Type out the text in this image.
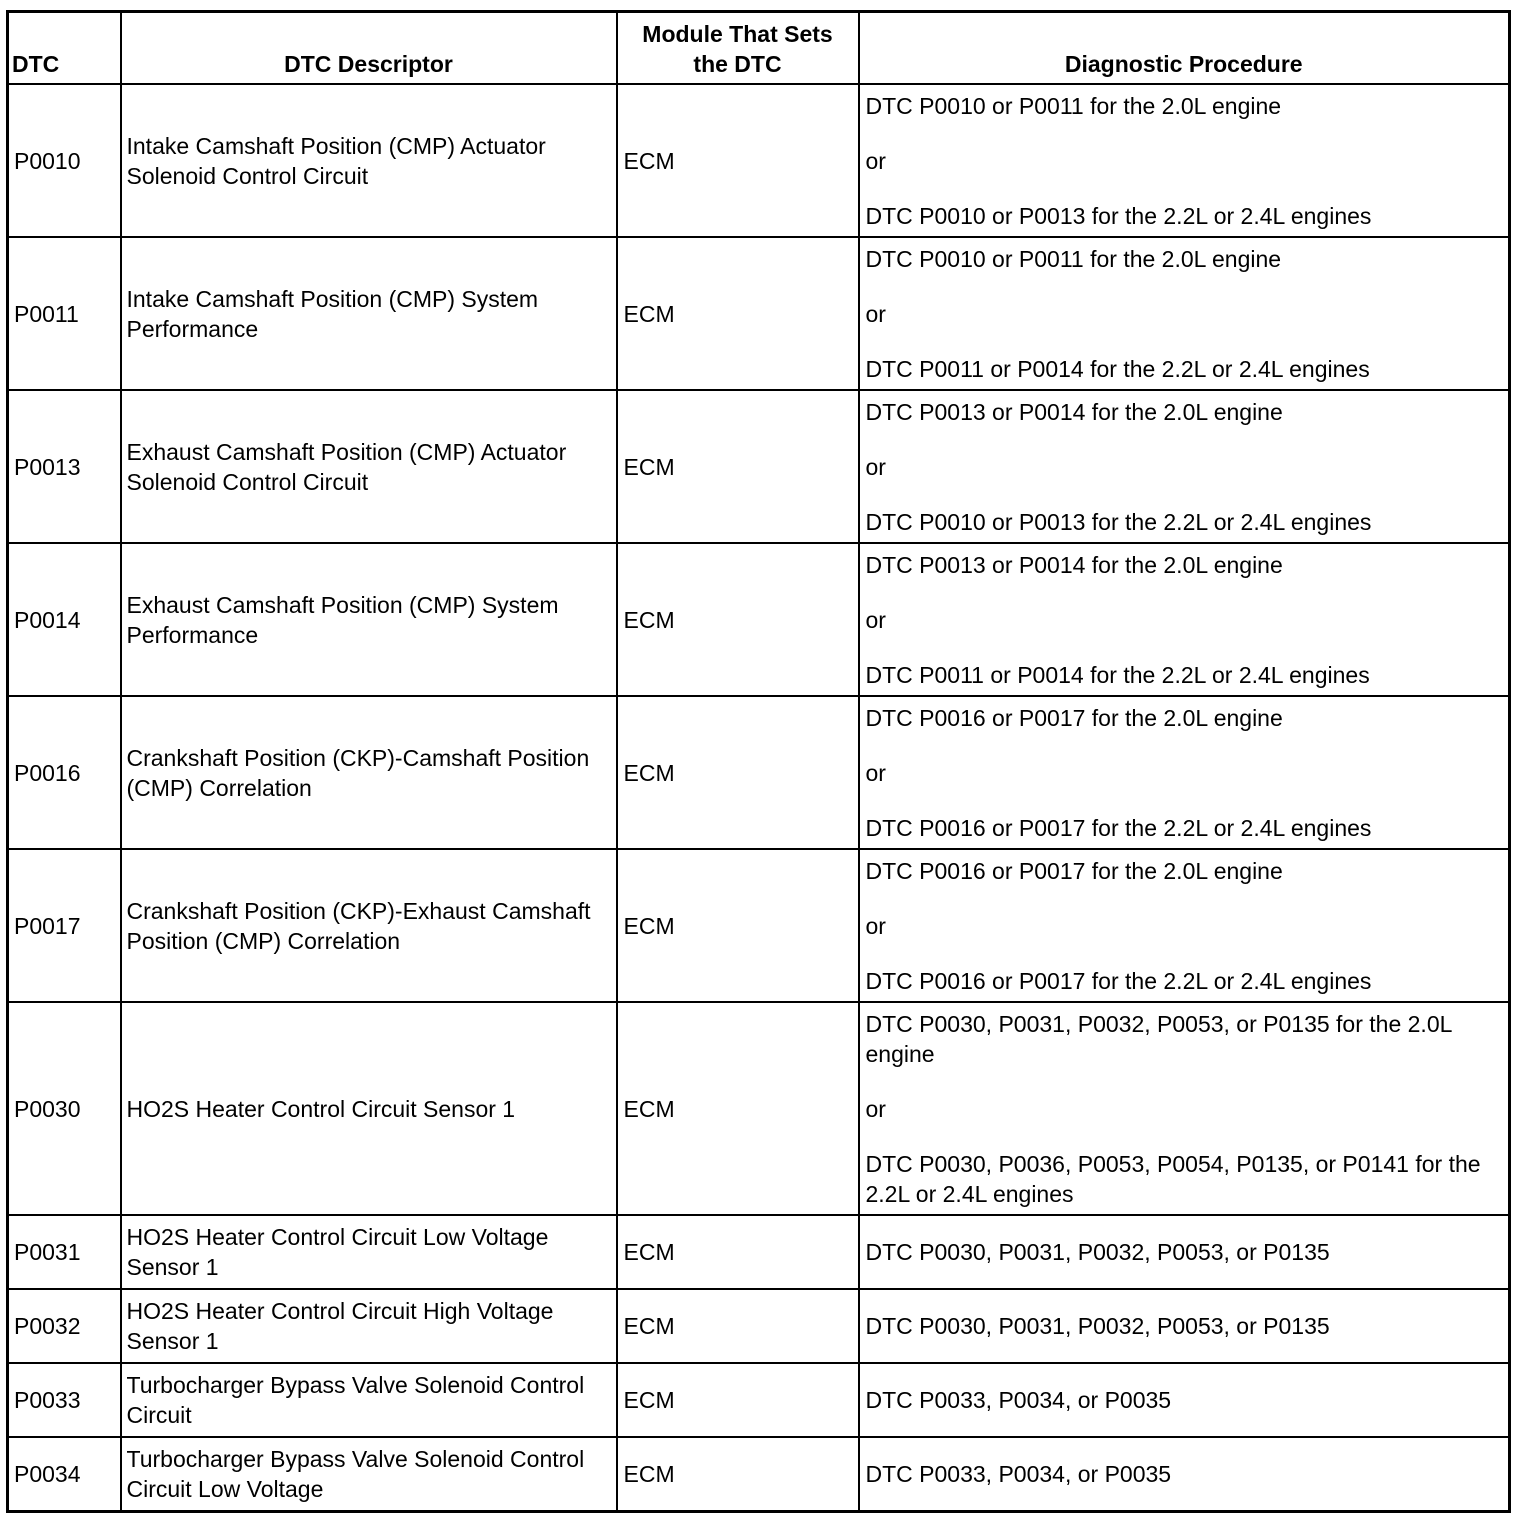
DTC	DTC Descriptor	Module That Sets the DTC	Diagnostic Procedure
P0010	Intake Camshaft Position (CMP) Actuator Solenoid Control Circuit	ECM	DTC P0010 or P0011 for the 2.0L engine
or
DTC P0010 or P0013 for the 2.2L or 2.4L engines

P0011	Intake Camshaft Position (CMP) System Performance	ECM	DTC P0010 or P0011 for the 2.0L engine
or
DTC P0011 or P0014 for the 2.2L or 2.4L engines

P0013	Exhaust Camshaft Position (CMP) Actuator Solenoid Control Circuit	ECM	DTC P0013 or P0014 for the 2.0L engine
or
DTC P0010 or P0013 for the 2.2L or 2.4L engines

P0014	Exhaust Camshaft Position (CMP) System Performance	ECM	DTC P0013 or P0014 for the 2.0L engine
or
DTC P0011 or P0014 for the 2.2L or 2.4L engines

P0016	Crankshaft Position (CKP)-Camshaft Position (CMP) Correlation	ECM	DTC P0016 or P0017 for the 2.0L engine
or
DTC P0016 or P0017 for the 2.2L or 2.4L engines

P0017	Crankshaft Position (CKP)-Exhaust Camshaft Position (CMP) Correlation	ECM	DTC P0016 or P0017 for the 2.0L engine
or
DTC P0016 or P0017 for the 2.2L or 2.4L engines

P0030	HO2S Heater Control Circuit Sensor 1	ECM	DTC P0030, P0031, P0032, P0053, or P0135 for the 2.0L engine
or
DTC P0030, P0036, P0053, P0054, P0135, or P0141 for the 2.2L or 2.4L engines

P0031	HO2S Heater Control Circuit Low Voltage Sensor 1	ECM	DTC P0030, P0031, P0032, P0053, or P0135
P0032	HO2S Heater Control Circuit High Voltage Sensor 1	ECM	DTC P0030, P0031, P0032, P0053, or P0135
P0033	Turbocharger Bypass Valve Solenoid Control Circuit	ECM	DTC P0033, P0034, or P0035
P0034	Turbocharger Bypass Valve Solenoid Control Circuit Low Voltage	ECM	DTC P0033, P0034, or P0035
